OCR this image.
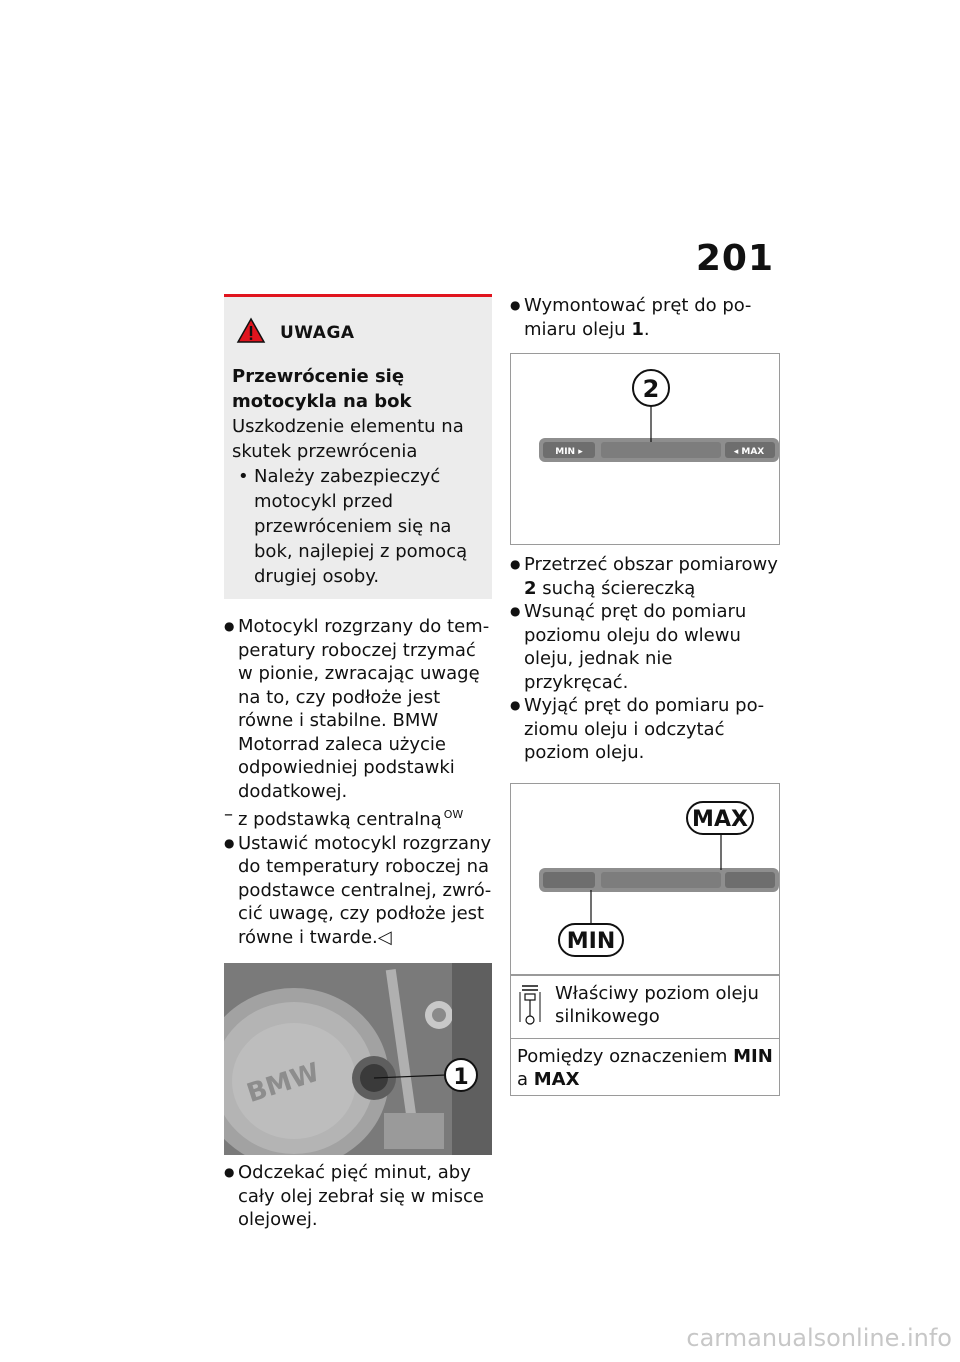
201
UWAGA
Przewrócenie się motocykla na bok
Uszkodzenie elementu na skutek przewrócenia
• Należy zabezpieczyć motocykl przed przewróceniem się na bok, najlepiej z pomocą drugiej osoby.
● Motocykl rozgrzany do temperatury roboczej trzymać w pionie, zwracając uwagę na to, czy podłoże jest równe i stabilne. BMW Motorrad zaleca użycie odpowiedniej podstawki dodatkowej.
– z podstawką centralną $^{OW}$
● Ustawić motocykl rozgrzany do temperatury roboczej na podstawce centralnej, zwrócić uwagę, czy podłoże jest równe i twarde.◁
BMW	1
● Odczekać pięć minut, aby cały olej zebrał się w misce olejowej.
● Wymontować pręt do pomiaru oleju 1.
MIN ▸	◂ MAX
2
● Przetrzeć obszar pomiarowy 2 suchą ściereczką
● Wsunąć pręt do pomiaru poziomu oleju do wlewu oleju, jednak nie przykręcać.
● Wyjąć pręt do pomiaru poziomu oleju i odczytać poziom oleju.
MAX
MIN
Właściwy poziom oleju silnikowego
Pomiędzy oznaczeniem MIN
a MAX
carmanualsonline.info
